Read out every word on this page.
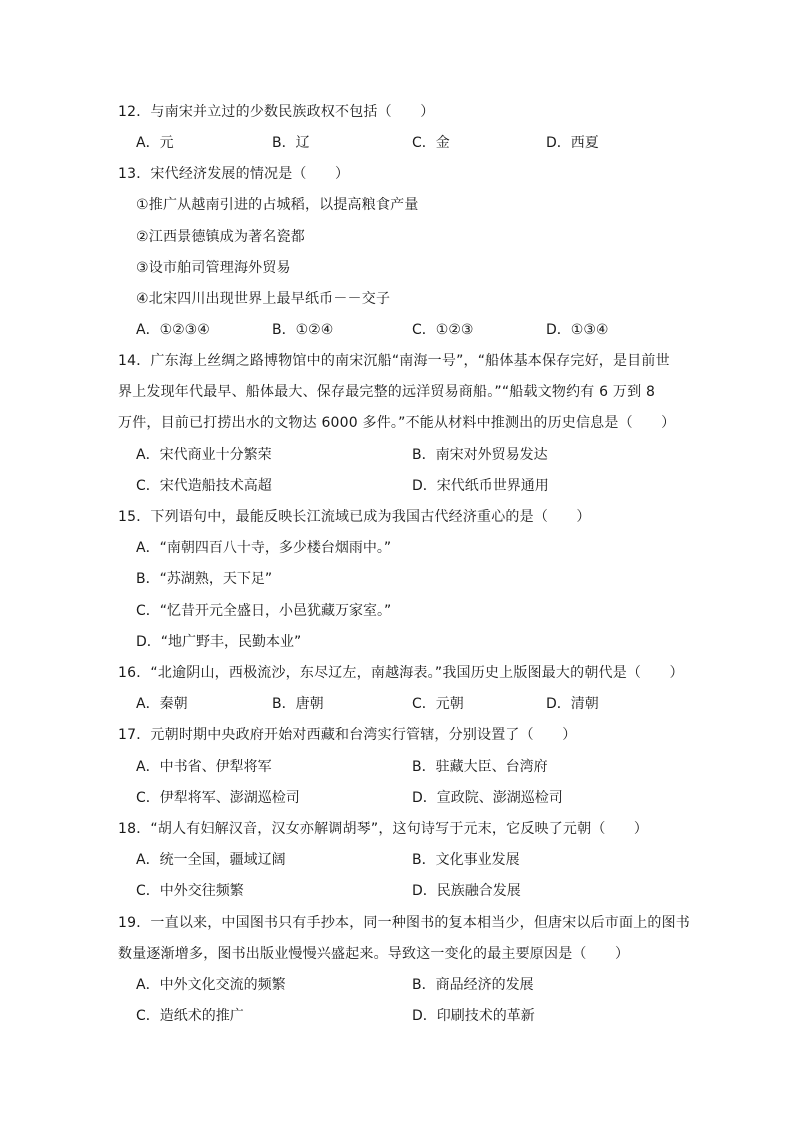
12．与南宋并立过的少数民族政权不包括（　　）
A．元	B．辽	C．金	D．西夏
13．宋代经济发展的情况是（　　）
①推广从越南引进的占城稻，以提高粮食产量
②江西景德镇成为著名瓷都
③设市舶司管理海外贸易
④北宋四川出现世界上最早纸币－－交子
A．①②③④	B．①②④	C．①②③	D．①③④
14．广东海上丝绸之路博物馆中的南宋沉船“南海一号”，“船体基本保存完好，是目前世
界上发现年代最早、船体最大、保存最完整的远洋贸易商船。”“船载文物约有 6 万到 8
万件，目前已打捞出水的文物达 6000 多件。”不能从材料中推测出的历史信息是（　　）
A．宋代商业十分繁荣	B．南宋对外贸易发达
C．宋代造船技术高超	D．宋代纸币世界通用
15．下列语句中，最能反映长江流域已成为我国古代经济重心的是（　　）
A．“南朝四百八十寺，多少楼台烟雨中。”
B．“苏湖熟，天下足”
C．“忆昔开元全盛日，小邑犹藏万家室。”
D．“地广野丰，民勤本业”
16．“北逾阴山，西极流沙，东尽辽左，南越海表。”我国历史上版图最大的朝代是（　　）
A．秦朝	B．唐朝	C．元朝	D．清朝
17．元朝时期中央政府开始对西藏和台湾实行管辖，分别设置了（　　）
A．中书省、伊犁将军	B．驻藏大臣、台湾府
C．伊犁将军、澎湖巡检司	D．宣政院、澎湖巡检司
18．“胡人有妇解汉音，汉女亦解调胡琴”，这句诗写于元末，它反映了元朝（　　）
A．统一全国，疆域辽阔	B．文化事业发展
C．中外交往频繁	D．民族融合发展
19．一直以来，中国图书只有手抄本，同一种图书的复本相当少，但唐宋以后市面上的图书
数量逐渐增多，图书出版业慢慢兴盛起来。导致这一变化的最主要原因是（　　）
A．中外文化交流的频繁	B．商品经济的发展
C．造纸术的推广	D．印刷技术的革新
